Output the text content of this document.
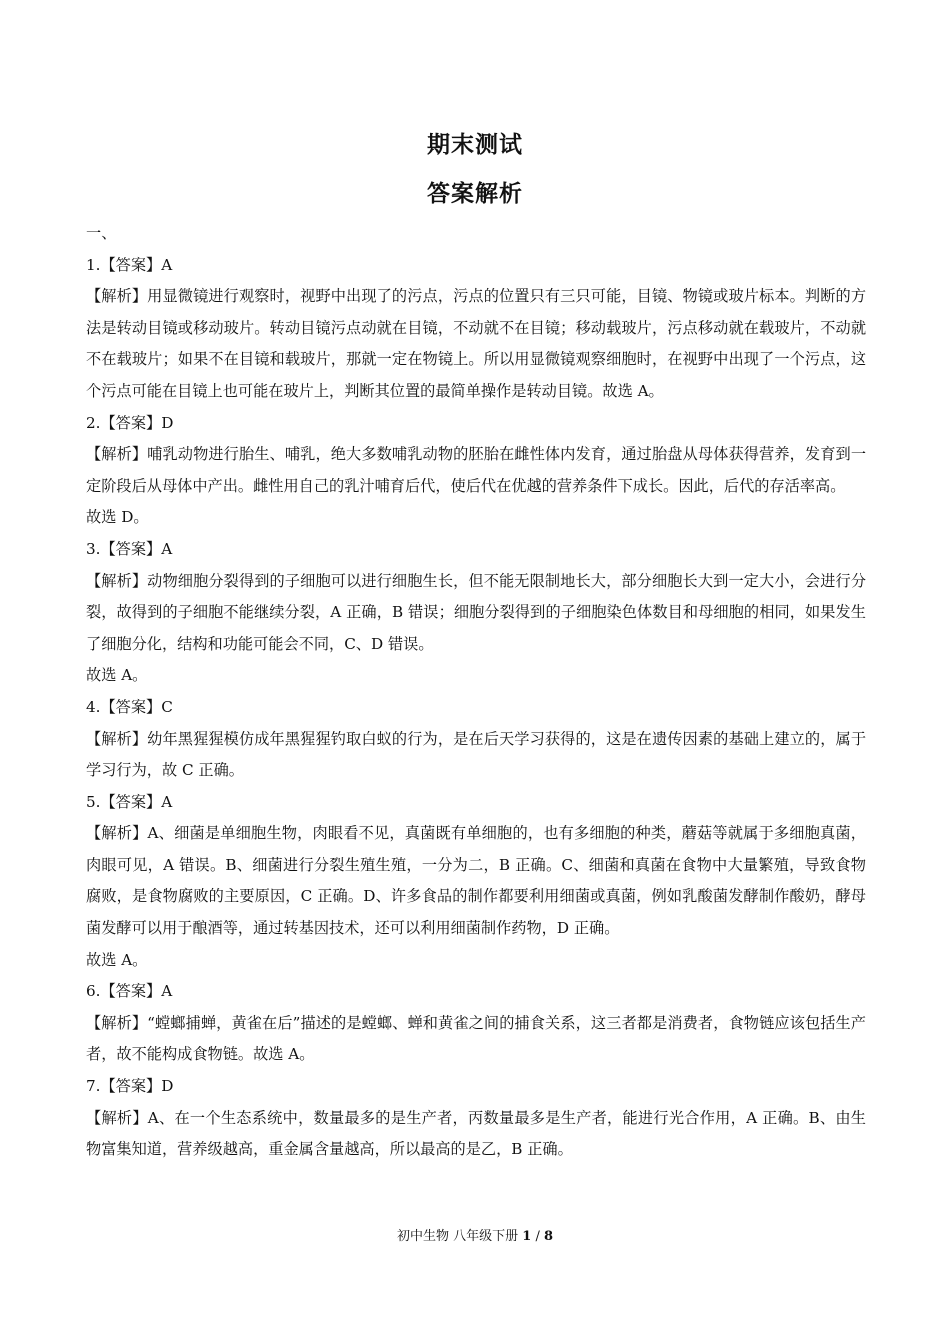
期末测试
答案解析

一、

1.【答案】A

【解析】用显微镜进行观察时，视野中出现了的污点，污点的位置只有三只可能，目镜、物镜或玻片标本。判断的方法是转动目镜或移动玻片。转动目镜污点动就在目镜，不动就不在目镜；移动载玻片，污点移动就在载玻片，不动就不在载玻片；如果不在目镜和载玻片，那就一定在物镜上。所以用显微镜观察细胞时，在视野中出现了一个污点，这个污点可能在目镜上也可能在玻片上，判断其位置的最简单操作是转动目镜。故选 A。

2.【答案】D

【解析】哺乳动物进行胎生、哺乳，绝大多数哺乳动物的胚胎在雌性体内发育，通过胎盘从母体获得营养，发育到一定阶段后从母体中产出。雌性用自己的乳汁哺育后代，使后代在优越的营养条件下成长。因此，后代的存活率高。

故选 D。

3.【答案】A

【解析】动物细胞分裂得到的子细胞可以进行细胞生长，但不能无限制地长大，部分细胞长大到一定大小，会进行分裂，故得到的子细胞不能继续分裂，A 正确，B 错误；细胞分裂得到的子细胞染色体数目和母细胞的相同，如果发生了细胞分化，结构和功能可能会不同，C、D 错误。

故选 A。

4.【答案】C

【解析】幼年黑猩猩模仿成年黑猩猩钓取白蚁的行为，是在后天学习获得的，这是在遗传因素的基础上建立的，属于学习行为，故 C 正确。

5.【答案】A

【解析】A、细菌是单细胞生物，肉眼看不见，真菌既有单细胞的，也有多细胞的种类，蘑菇等就属于多细胞真菌，肉眼可见，A 错误。B、细菌进行分裂生殖生殖，一分为二，B 正确。C、细菌和真菌在食物中大量繁殖，导致食物腐败，是食物腐败的主要原因，C 正确。D、许多食品的制作都要利用细菌或真菌，例如乳酸菌发酵制作酸奶，酵母菌发酵可以用于酿酒等，通过转基因技术，还可以利用细菌制作药物，D 正确。

故选 A。

6.【答案】A

【解析】“螳螂捕蝉，黄雀在后”描述的是螳螂、蝉和黄雀之间的捕食关系，这三者都是消费者，食物链应该包括生产者，故不能构成食物链。故选 A。

7.【答案】D

【解析】A、在一个生态系统中，数量最多的是生产者，丙数量最多是生产者，能进行光合作用，A 正确。B、由生物富集知道，营养级越高，重金属含量越高，所以最高的是乙，B 正确。

初中生物 八年级下册 1 / 8
